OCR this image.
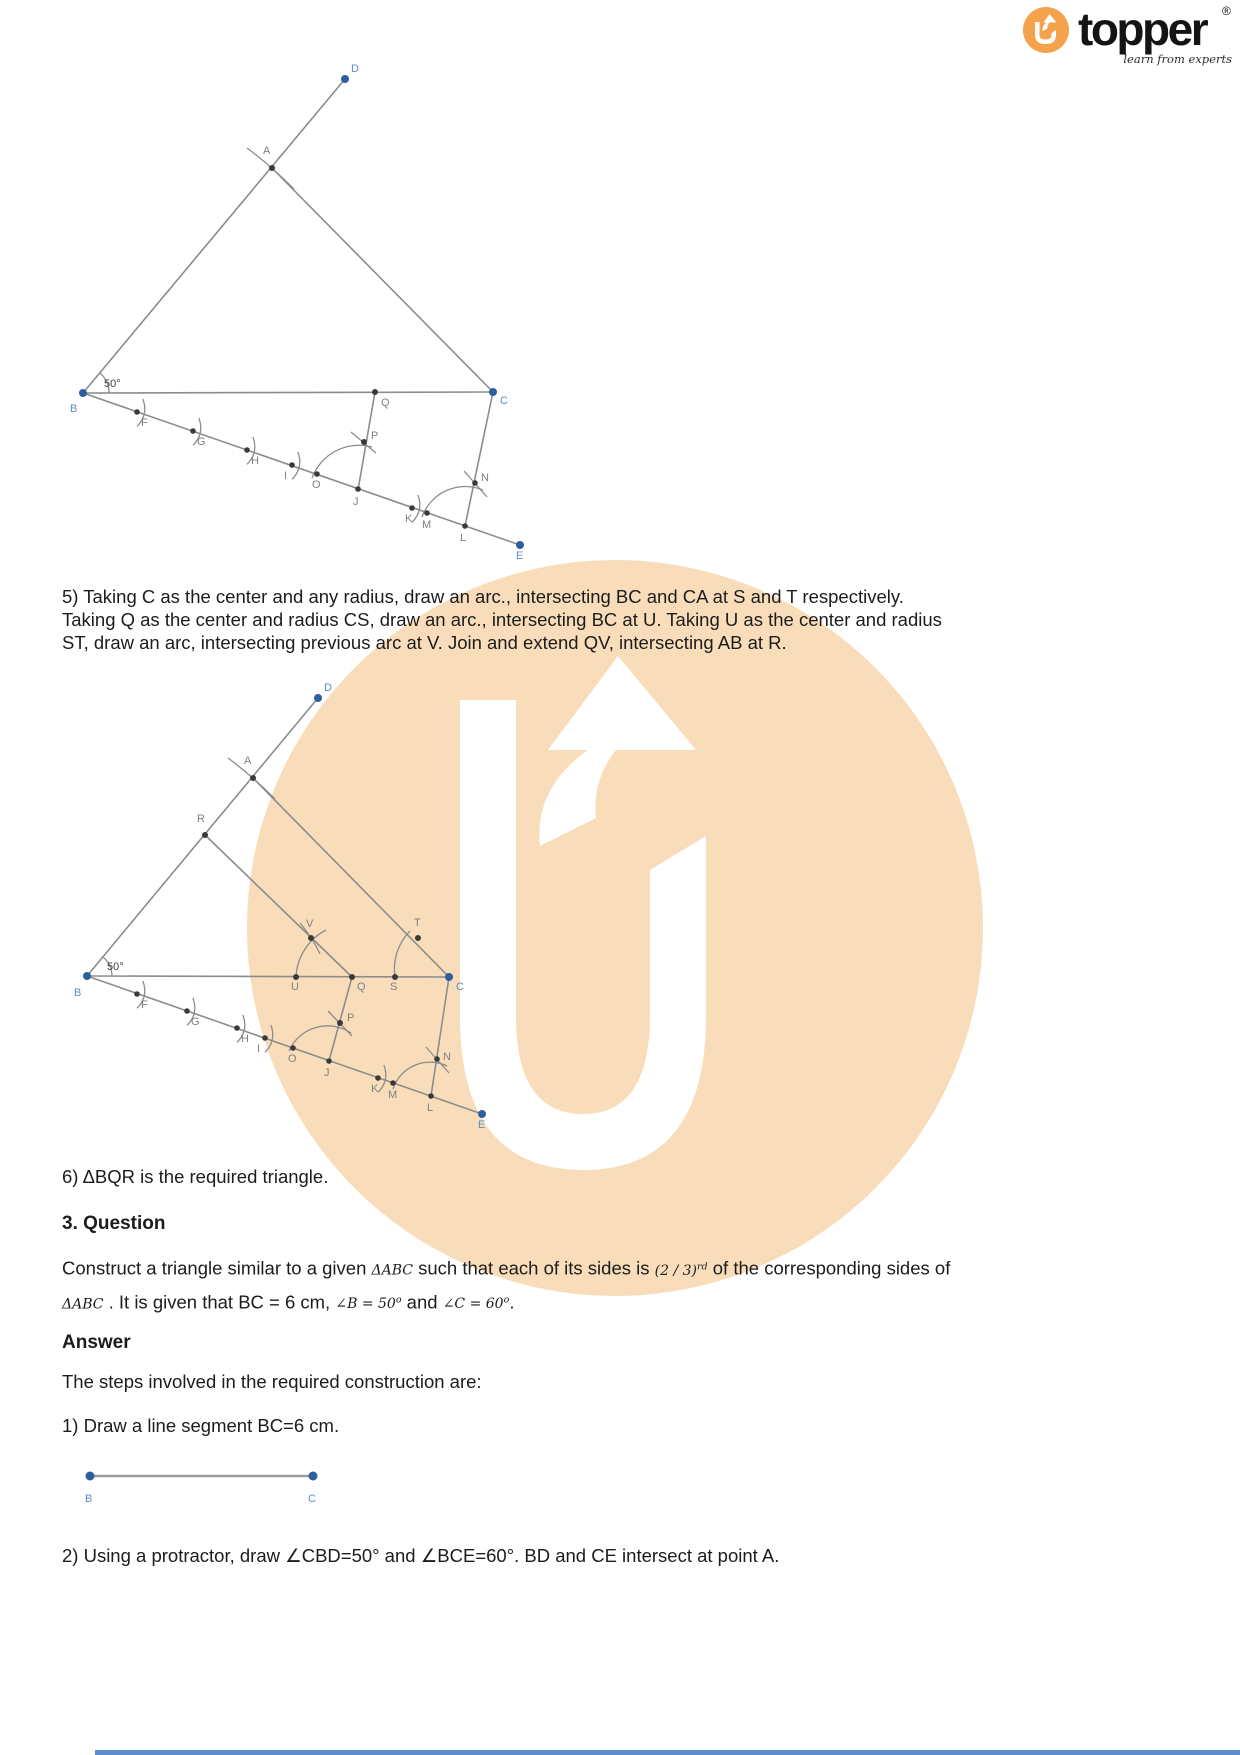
topper ®
learn from experts
D
A
B
C
50°
Q
P
F
G
H
I
O
J
K M
L
N
E
5) Taking C as the center and any radius, draw an arc., intersecting BC and CA at S and T respectively.
Taking Q as the center and radius CS, draw an arc., intersecting BC at U. Taking U as the center and radius
ST, draw an arc, intersecting previous arc at V. Join and extend QV, intersecting AB at R.
D
A
R
B
50°
C
U	Q S
V	T
P
F
G
H
I
O
J
K M
N
L
E
6) ΔBQR is the required triangle.
3. Question
Construct a triangle similar to a given ΔABC such that each of its sides is (2 / 3)$^{rd}$ of the corresponding sides of
ΔABC . It is given that BC = 6 cm, ∠B = $50^o$ and ∠C = $60^o$.
Answer
The steps involved in the required construction are:
1) Draw a line segment BC=6 cm.
B	C
2) Using a protractor, draw ∠CBD=50° and ∠BCE=60°. BD and CE intersect at point A.
